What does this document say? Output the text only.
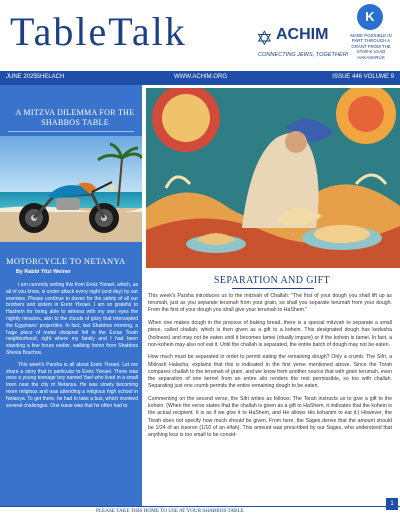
TableTalk	✡ ACHIM
CONNECTING JEWS, TOGETHER!
K
MADE POSSIBLE IN PART THROUGH A GRANT FROM THE STAR-K VAAD HAKASHRUS
JUNE 2025 SHELACH	WWW.ACHIM.ORG	ISSUE 446 VOLUME 9
A MITZVA DILEMMA FOR THE SHABBOS TABLE
MOTORCYCLE TO NETANYA
By Rabbi Yitzi Weiner

I am currently writing this from Eretz Yisrael, which, as all of you know, is under attack every night (and day) by our enemies. Please continue to daven for the safety of all our brothers and sisters in Eretz Yisrael. I am so grateful to Hashem for being able to witness with my own eyes the nightly miracles, akin to the clouds of glory that intercepted the Egyptians' projectiles. In fact, last Shabbos morning, a huge piece of metal shrapnel fell in the Ezras Torah neighborhood, right where my family and I had been standing a few hours earlier, walking home from Shabbos Shevia Brachos.

This week's Parsha is all about Eretz Yisrael. Let me share a story that is particular to Eretz Yisrael. There was once a young teenage boy named Yael who lived in a small town near the city of Netanya. He was slowly becoming more religious and was attending a religious high school in Netanya. To get there, he had to take a bus, which involved several challenges. One issue was that he often had to

SEPARATION AND GIFT

This week's Parsha introduces us to the mitzvah of Challah: "The first of your dough you shall lift up as terumah, just as you separate terumah from your grain, so shall you separate terumah from your dough. From the first of your dough you shall give your terumah to HaShem."

When one makes dough in the process of baking bread, there is a special mitzvah to separate a small piece, called challah, which is then given as a gift to a kohein. This designated dough has kedusha (holiness) and may not be eaten until it becomes tamei (ritually impure) or if the kohein is tamei. In fact, a non-kohein may also not eat it. Until the challah is separated, the entire batch of dough may not be eaten.

How much must be separated in order to permit eating the remaining dough? Only a crumb. The Sifri, a Midrash Halacha, explains that this is indicated in the first verse mentioned above. Since the Torah compares challah to the terumah of grain, and we know from another source that with grain terumah, even the separation of one kernel from an entire silo renders the rest permissible, so too with challah. Separating just one crumb permits the entire remaining dough to be eaten.

Commenting on the second verse, the Sifri writes as follows: The Torah instructs us to give a gift to the kohein. (When the verse states that the challah is given as a gift to HaShem, it indicates that the kohein is the actual recipient. It is as if we give it to HaShem, and He allows His kohanim to eat it.) However, the Torah does not specify how much should be given. From here, the Sages derive that the amount should be 1/24 of an issoron (1/10 of an eifah). This amount was prescribed by our Sages, who understood that anything less is too small to be consid-

PLEASE TAKE THIS HOME TO USE AT YOUR SHABBOS TABLE
1
